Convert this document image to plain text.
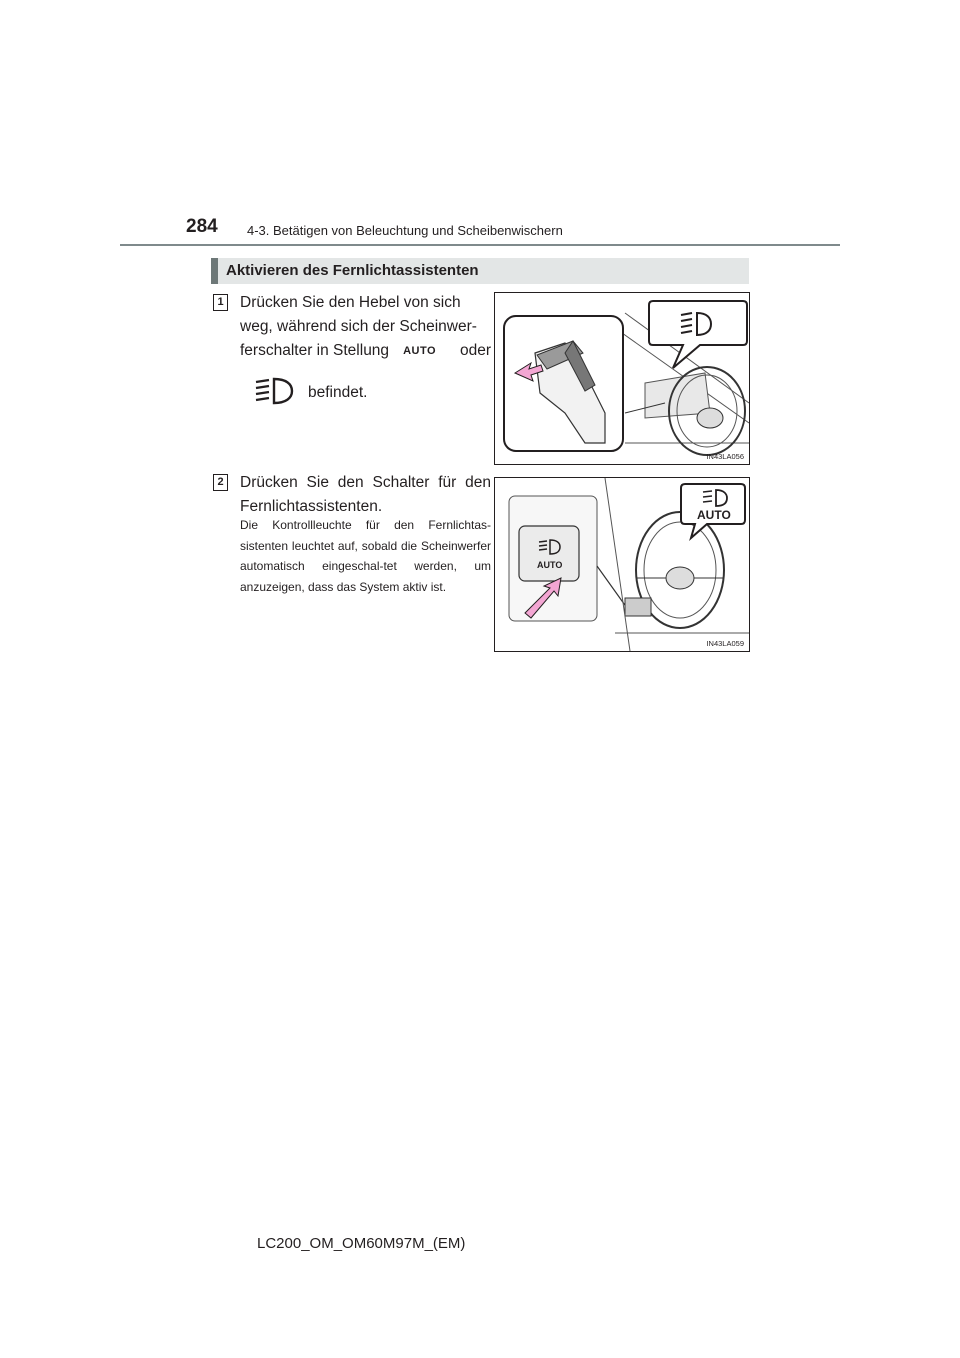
284 4-3. Betätigen von Beleuchtung und Scheibenwischern
Aktivieren des Fernlichtassistenten
1 Drücken Sie den Hebel von sich
weg, während sich der Scheinwer-
ferschalter in Stellung AUTO oder
befindet.
IN43LA056
2 Drücken Sie den Schalter für den Fernlichtassistenten.
Die Kontrollleuchte für den Fernlichtas-sistenten leuchtet auf, sobald die Scheinwerfer automatisch eingeschal-tet werden, um anzuzeigen, dass das System aktiv ist.
AUTO
AUTO
IN43LA059
LC200_OM_OM60M97M_(EM)
